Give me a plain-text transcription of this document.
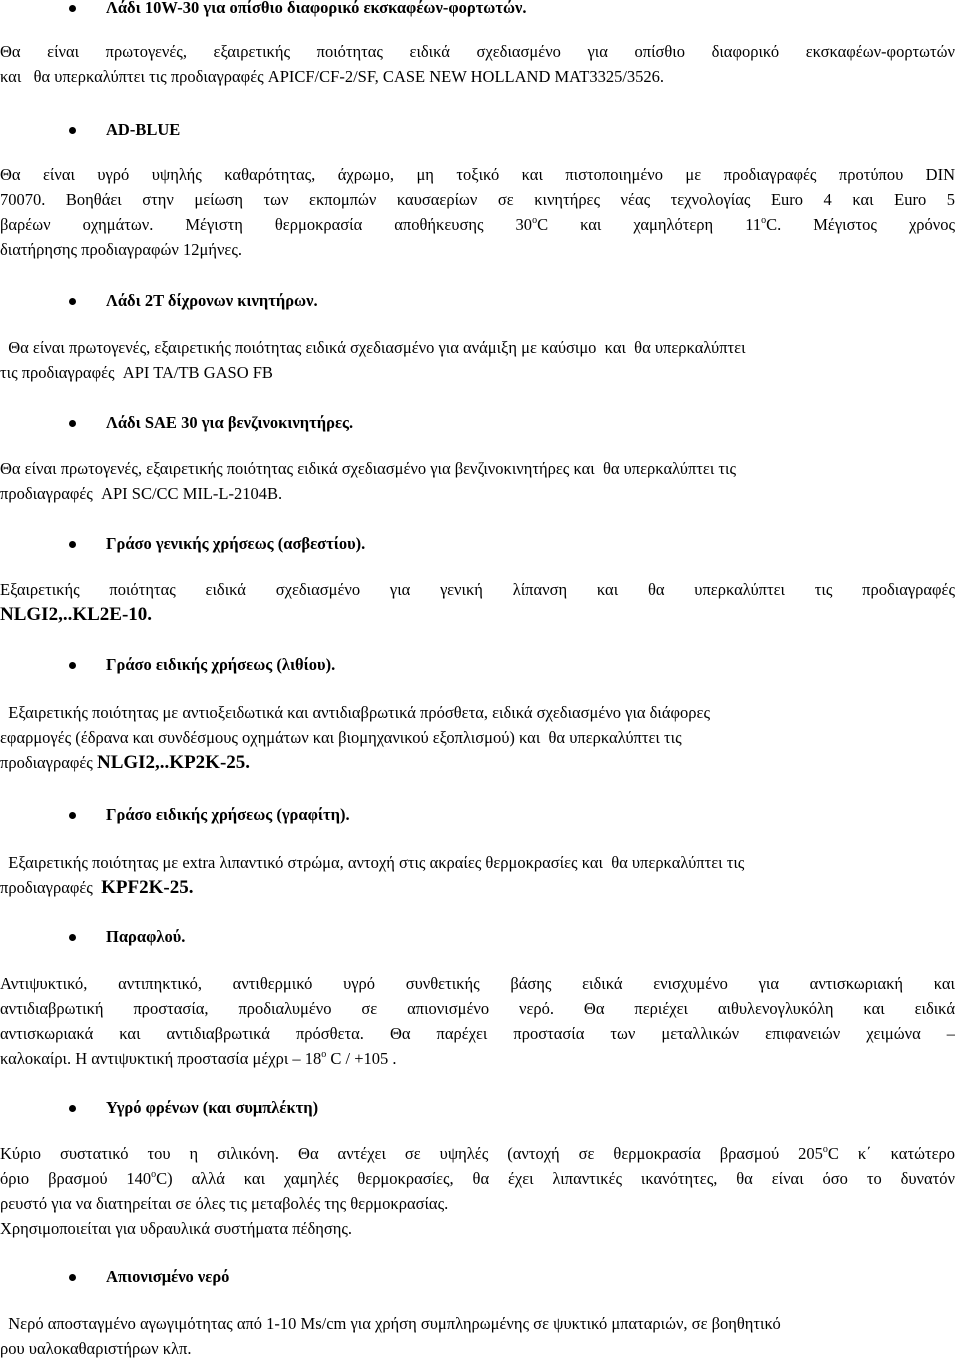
Λάδι 10W-30 για οπίσθιο διαφορικό εκσκαφέων-φορτωτών.
Θα είναι πρωτογενές, εξαιρετικής ποιότητας ειδικά σχεδιασμένο για οπίσθιο διαφορικό εκσκαφέων-φορτωτών
και   θα υπερκαλύπτει τις προδιαγραφές APICF/CF-2/SF, CASE NEW HOLLAND MAT3325/3526.
AD-BLUE
Θα είναι υγρό υψηλής καθαρότητας, άχρωμο, μη τοξικό και πιστοποιημένο με προδιαγραφές προτύπου DIN
70070. Βοηθάει στην μείωση των εκπομπών καυσαερίων σε κινητήρες νέας τεχνολογίας Euro 4 και Euro 5
βαρέων οχημάτων. Μέγιστη θερμοκρασία αποθήκευσης 30$^o$C και χαμηλότερη 11$^o$C. Μέγιστος χρόνος
διατήρησης προδιαγραφών 12μήνες.
Λάδι 2Τ δίχρονων κινητήρων.
Θα είναι πρωτογενές, εξαιρετικής ποιότητας ειδικά σχεδιασμένο για ανάμιξη με καύσιμο  και  θα υπερκαλύπτει
τις προδιαγραφές  API TA/TB GASO FB
Λάδι SAE 30 για βενζινοκινητήρες.
Θα είναι πρωτογενές, εξαιρετικής ποιότητας ειδικά σχεδιασμένο για βενζινοκινητήρες και  θα υπερκαλύπτει τις
προδιαγραφές  API SC/CC MIL-L-2104B.
Γράσο γενικής χρήσεως (ασβεστίου).
Εξαιρετικής ποιότητας ειδικά σχεδιασμένο για γενική λίπανση και θα υπερκαλύπτει τις προδιαγραφές
NLGI2,..KL2E-10.
Γράσο ειδικής χρήσεως (λιθίου).
Εξαιρετικής ποιότητας με αντιοξειδωτικά και αντιδιαβρωτικά πρόσθετα, ειδικά σχεδιασμένο για διάφορες
εφαρμογές (έδρανα και συνδέσμους οχημάτων και βιομηχανικού εξοπλισμού) και  θα υπερκαλύπτει τις
προδιαγραφές NLGI2,..KP2K-25.
Γράσο ειδικής χρήσεως (γραφίτη).
Εξαιρετικής ποιότητας με extra λιπαντικό στρώμα, αντοχή στις ακραίες θερμοκρασίες και  θα υπερκαλύπτει τις
προδιαγραφές  KPF2K-25.
Παραφλού.
Αντιψυκτικό, αντιπηκτικό, αντιθερμικό υγρό συνθετικής βάσης ειδικά ενισχυμένο για αντισκωριακή και
αντιδιαβρωτική προστασία, προδιαλυμένο σε απιονισμένο νερό. Θα περιέχει αιθυλενογλυκόλη και ειδικά
αντισκωριακά και αντιδιαβρωτικά πρόσθετα. Θα παρέχει προστασία των μεταλλικών επιφανειών χειμώνα –
καλοκαίρι. Η αντιψυκτική προστασία μέχρι – 18$^o$ C / +105 .
Υγρό φρένων (και συμπλέκτη)
Κύριο συστατικό του η σιλικόνη. Θα αντέχει σε υψηλές (αντοχή σε θερμοκρασία βρασμού 205$^o$C κ΄ κατώτερο
όριο βρασμού 140$^o$C) αλλά και χαμηλές θερμοκρασίες, θα έχει λιπαντικές ικανότητες, θα είναι όσο το δυνατόν
ρευστό για να διατηρείται σε όλες τις μεταβολές της θερμοκρασίας.
Χρησιμοποιείται για υδραυλικά συστήματα πέδησης.
Απιονισμένο νερό
Νερό αποσταγμένο αγωγιμότητας από 1-10 Ms/cm για χρήση συμπληρωμένης σε ψυκτικό μπαταριών, σε βοηθητικό
ρου υαλοκαθαριστήρων κλπ.
